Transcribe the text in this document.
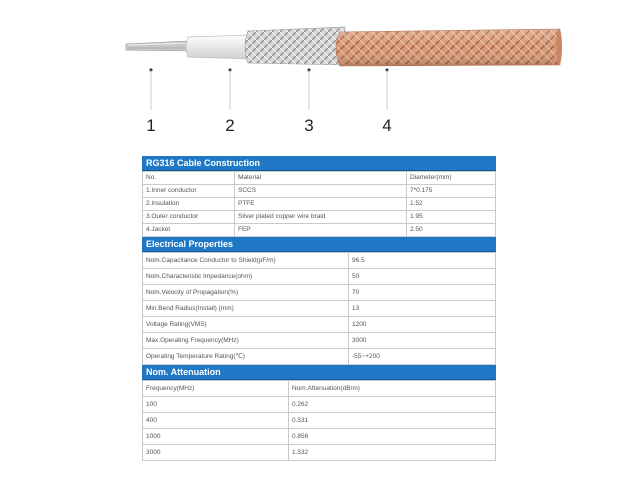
1	2	3	4
RG316 Cable Construction
No.	Material	Diameter(mm)
1.Inner conductor	SCCS	7*0.175
2.Insulation	PTFE	1.52
3.Outer conductor	Silver plated copper wire braid	1.95
4.Jacket	FEP	2.50
Electrical Properties
Nom.Capacitance Conductor to Shield(pF/m)	96.5
Nom.Characteristic Impedance(ohm)	50
Nom.Velocity of Propagation(%)	70
Min.Bend Radius(Install) (mm)	13
Voltage Rating(VMS)	1200
Max.Operating Frequency(MHz)	3000
Operating Temperature Rating(℃)	-55~+200
Nom. Attenuation
Frequency(MHz)	Nom.Attenuation(dB/m)
100	0.262
400	0.531
1000	0.856
3000	1.532
